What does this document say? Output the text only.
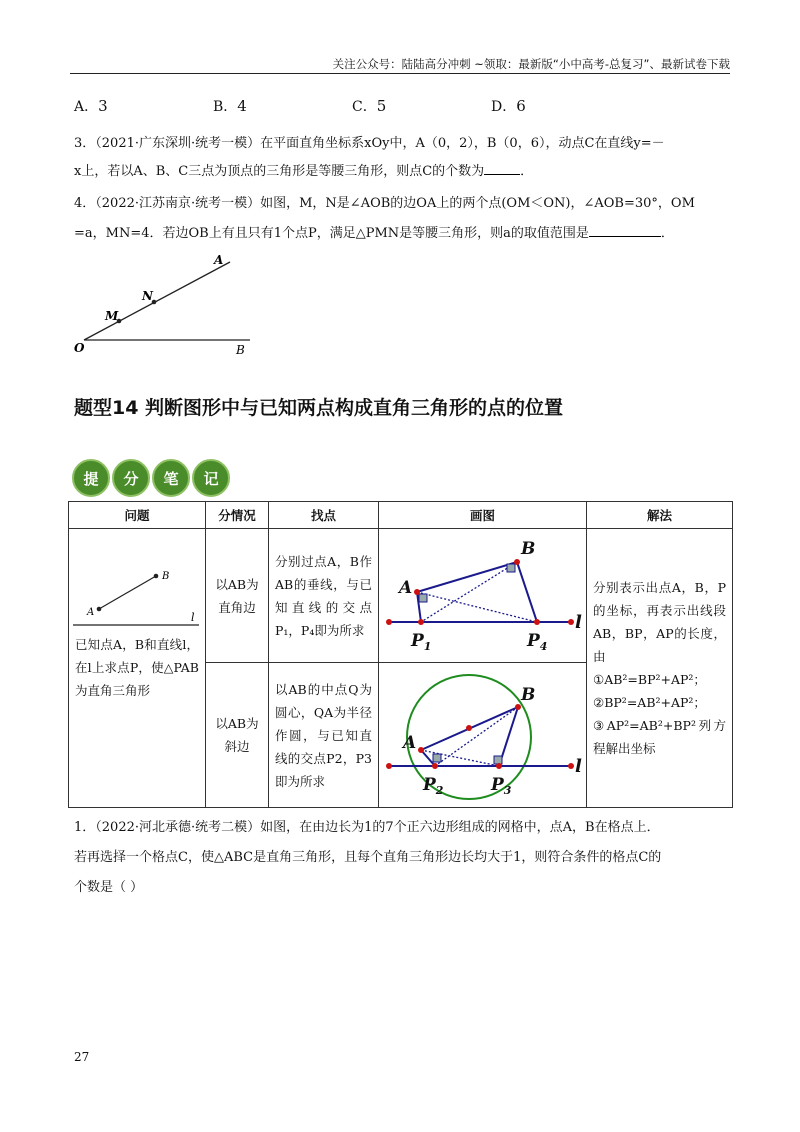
关注公众号：陆陆高分冲刺 ~领取：最新版“小中高考-总复习”、最新试卷下载
A．3	B．4	C．5	D．6
3．（2021·广东深圳·统考一模）在平面直角坐标系xOy中，A（0，2），B（0，6），动点C在直线y=－
x上，若以A、B、C三点为顶点的三角形是等腰三角形，则点C的个数为	．
4．（2022·江苏南京·统考一模）如图，M，N是∠AOB的边OA上的两个点(OM＜ON)，∠AOB=30°，OM
=a，MN=4．若边OB上有且只有1个点P，满足△PMN是等腰三角形，则a的取值范围是	．
A
N
M
O	B
题型14 判断图形中与已知两点构成直角三角形的点的位置
提	分	笔	记
问题	分情况	找点	画图	解法

A
B
l
已知点A，B和直线l，在l上求点P，使△PAB为直角三角形	以AB为直角边	分别过点A，B作AB的垂线，与已知直线的交点P₁，P₄即为所求	A
B
$P_1$ $P_4$
l	分别表示出点A，B，P的坐标，再表示出线段AB，BP，AP的长度，由
①AB²=BP²+AP²；
②BP²=AB²+AP²；
③AP²=AB²+BP²列方程解出坐标

	以AB为斜边	以AB的中点Q为圆心，QA为半径作圆，与已知直线的交点P2，P3即为所求	A
B
$P_2$ $P_3$
l	
1．（2022·河北承德·统考二模）如图，在由边长为1的7个正六边形组成的网格中，点A，B在格点上．
若再选择一个格点C，使△ABC是直角三角形，且每个直角三角形边长均大于1，则符合条件的格点C的
个数是（ ）
27
